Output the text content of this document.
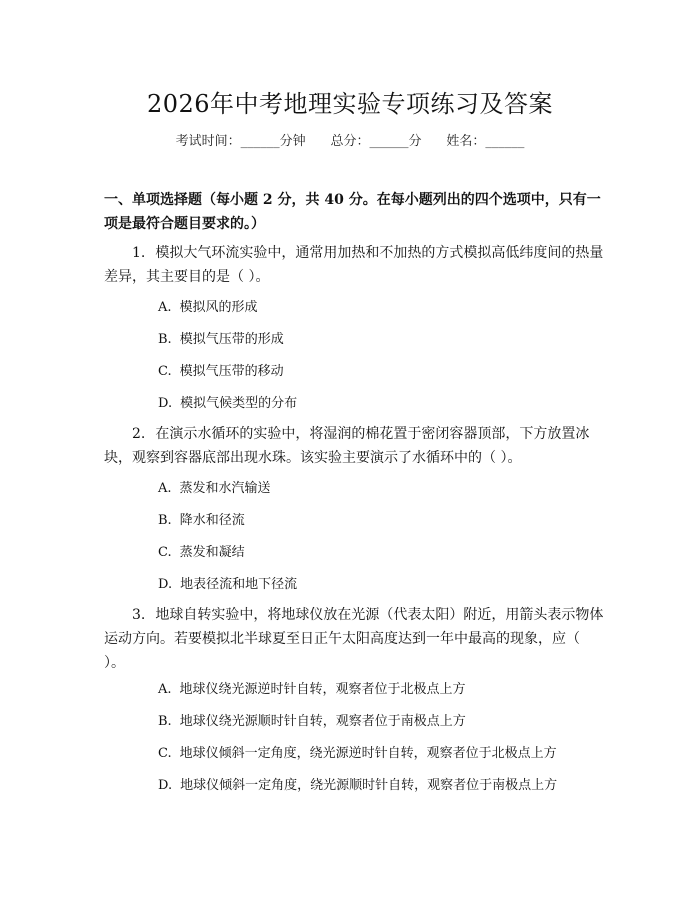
2026年中考地理实验专项练习及答案
考试时间：______分钟 总分：______分 姓名：______
一、单项选择题（每小题 2 分，共 40 分。在每小题列出的四个选项中，只有一项是最符合题目要求的。）
1. 模拟大气环流实验中，通常用加热和不加热的方式模拟高低纬度间的热量差异，其主要目的是（ ）。
A. 模拟风的形成
B. 模拟气压带的形成
C. 模拟气压带的移动
D. 模拟气候类型的分布
2. 在演示水循环的实验中，将湿润的棉花置于密闭容器顶部，下方放置冰块，观察到容器底部出现水珠。该实验主要演示了水循环中的（ ）。
A. 蒸发和水汽输送
B. 降水和径流
C. 蒸发和凝结
D. 地表径流和地下径流
3. 地球自转实验中，将地球仪放在光源（代表太阳）附近，用箭头表示物体运动方向。若要模拟北半球夏至日正午太阳高度达到一年中最高的现象，应（ ）。
A. 地球仪绕光源逆时针自转，观察者位于北极点上方
B. 地球仪绕光源顺时针自转，观察者位于南极点上方
C. 地球仪倾斜一定角度，绕光源逆时针自转，观察者位于北极点上方
D. 地球仪倾斜一定角度，绕光源顺时针自转，观察者位于南极点上方
